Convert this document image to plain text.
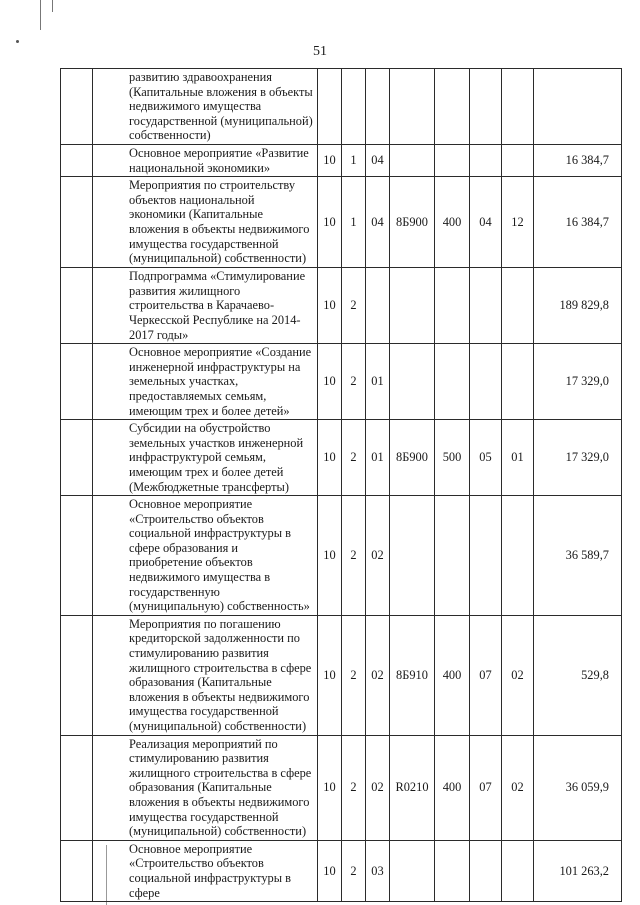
51
	развитию здравоохранения (Капитальные вложения в объекты недвижимого имущества государственной (муниципальной) собственности)								
	Основное мероприятие «Развитие национальной экономики»	10	1	04					16 384,7
	Мероприятия по строительству объектов национальной экономики (Капитальные вложения в объекты недвижимого имущества государственной (муниципальной) собственности)	10	1	04	8Б900	400	04	12	16 384,7
	Подпрограмма «Стимулирование развития жилищного строительства в Карачаево-Черкесской Республике на 2014-2017 годы»	10	2						189 829,8
	Основное мероприятие «Создание инженерной инфраструктуры на земельных участках, предоставляемых семьям, имеющим трех и более детей»	10	2	01					17 329,0
	Субсидии на обустройство земельных участков инженерной инфраструктурой семьям, имеющим трех и более детей (Межбюджетные трансферты)	10	2	01	8Б900	500	05	01	17 329,0
	Основное мероприятие «Строительство объектов социальной инфраструктуры в сфере образования и приобретение объектов недвижимого имущества в государственную (муниципальную) собственность»	10	2	02					36 589,7
	Мероприятия по погашению кредиторской задолженности по стимулированию развития жилищного строительства в сфере образования (Капитальные вложения в объекты недвижимого имущества государственной (муниципальной) собственности)	10	2	02	8Б910	400	07	02	529,8
	Реализация мероприятий по стимулированию развития жилищного строительства в сфере образования (Капитальные вложения в объекты недвижимого имущества государственной (муниципальной) собственности)	10	2	02	R0210	400	07	02	36 059,9
	Основное мероприятие «Строительство объектов социальной инфраструктуры в сфере	10	2	03					101 263,2
